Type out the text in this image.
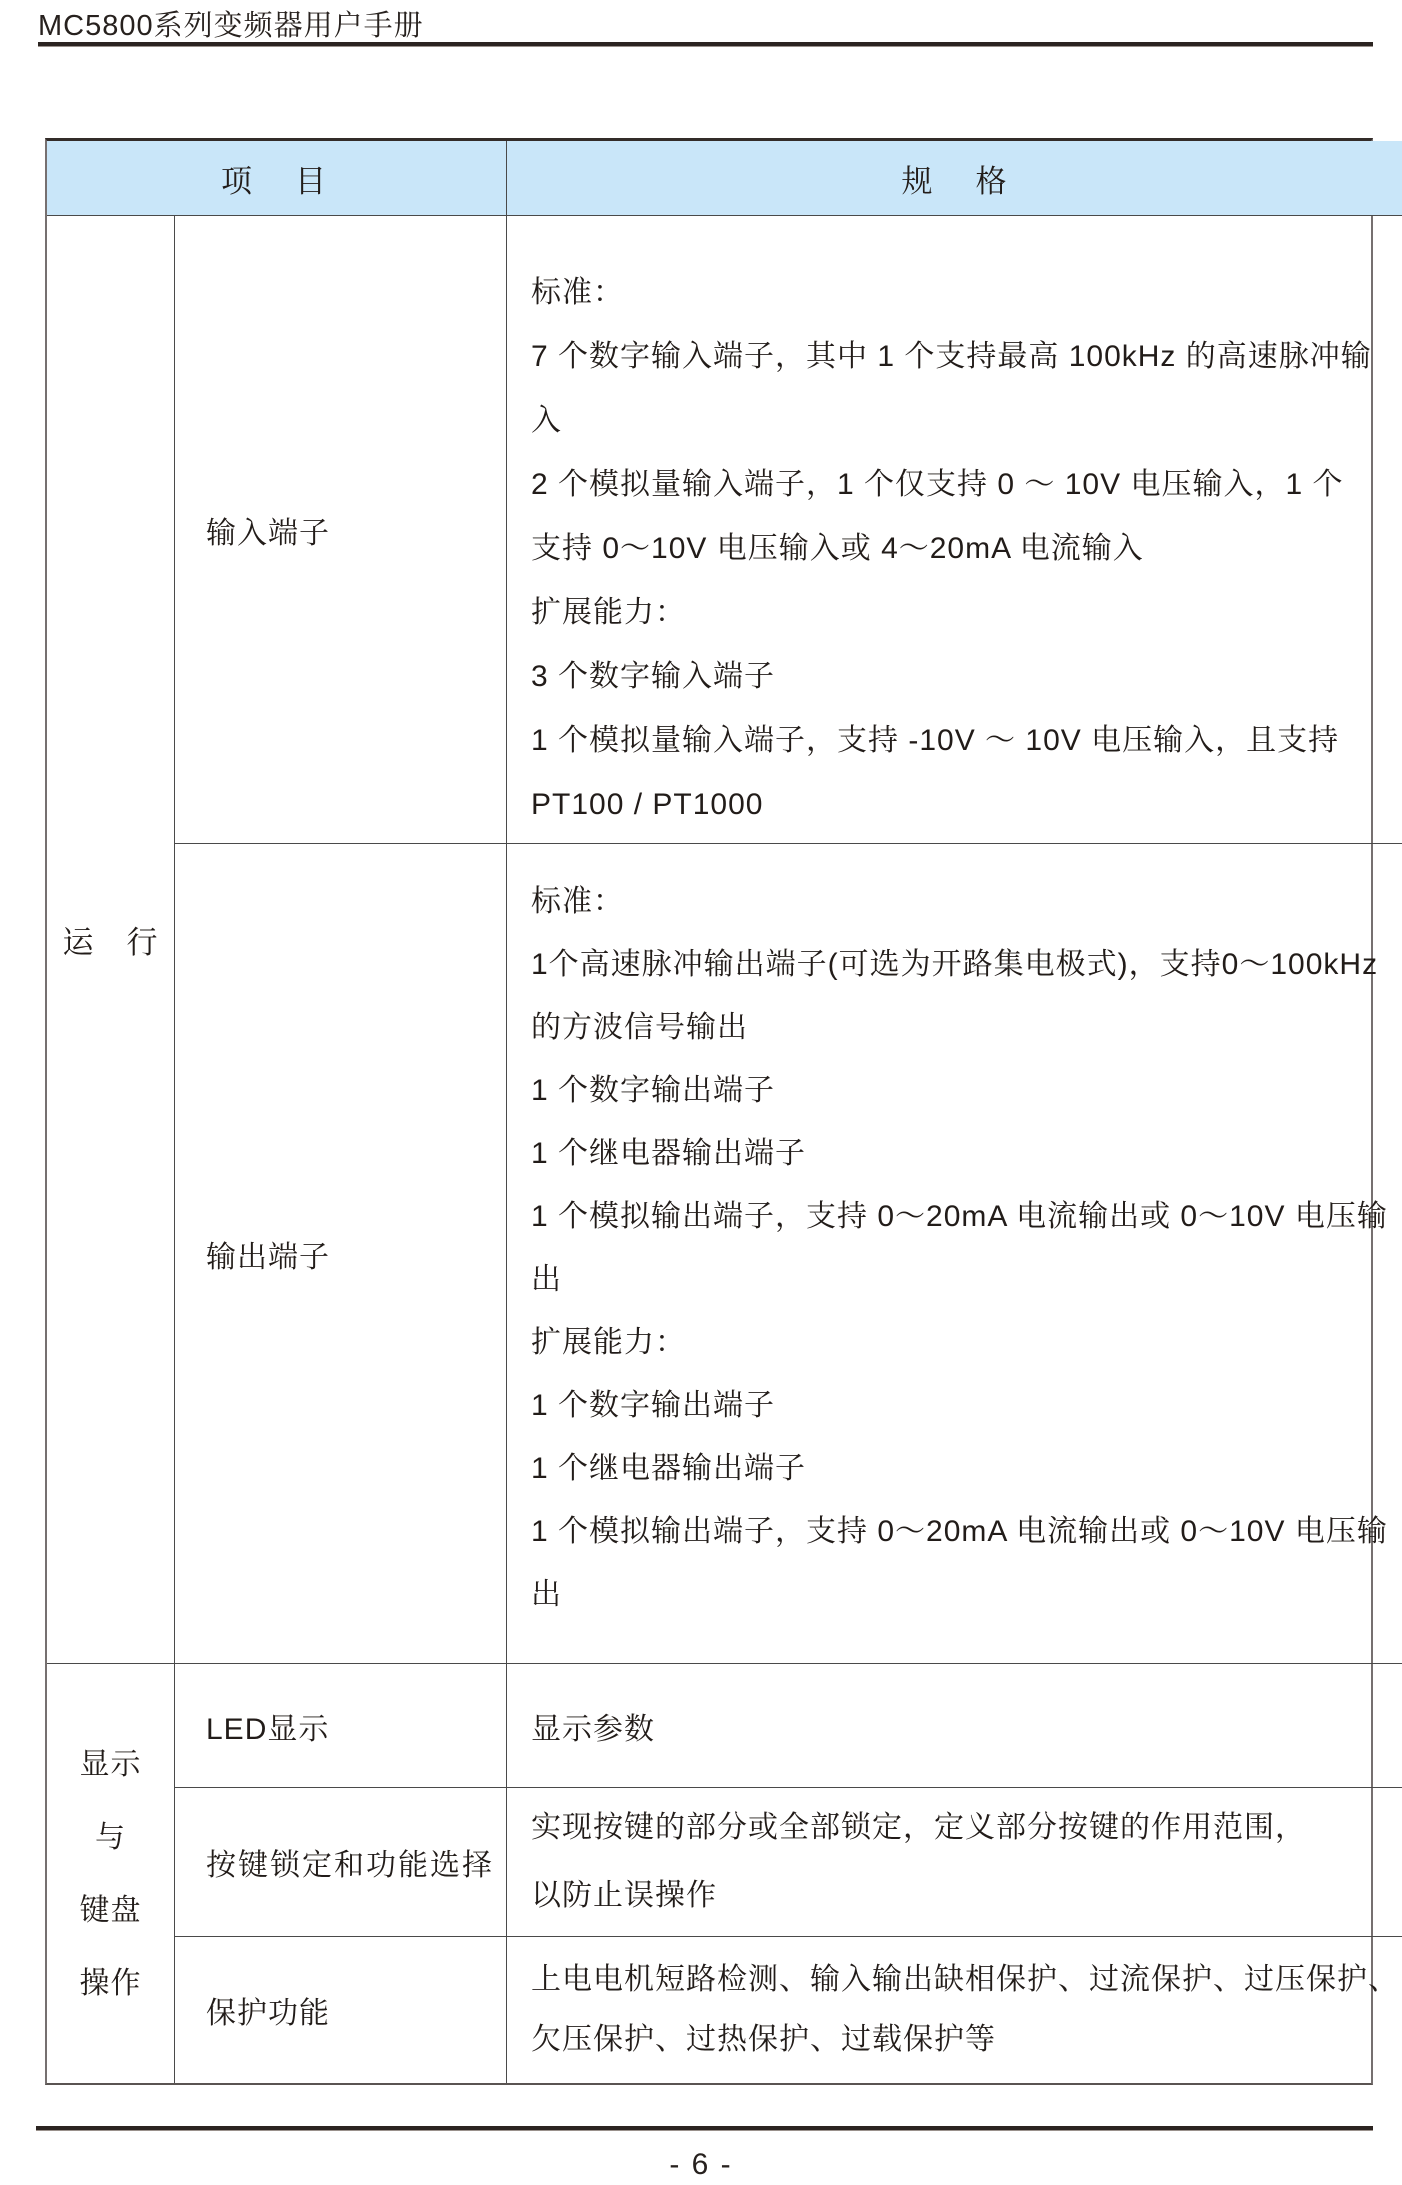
MC5800系列变频器用户手册
项　目	规　格
运　行
输入端子
标准：
7 个数字输入端子，其中 1 个支持最高 100kHz 的高速脉冲输
入
2 个模拟量输入端子，1 个仅支持 0 ～ 10V 电压输入，1 个
支持 0～10V 电压输入或 4～20mA 电流输入
扩展能力：
3 个数字输入端子
1 个模拟量输入端子，支持 -10V ～ 10V 电压输入，且支持
PT100 / PT1000
输出端子
标准：
1个高速脉冲输出端子(可选为开路集电极式)，支持0～100kHz
的方波信号输出
1 个数字输出端子
1 个继电器输出端子
1 个模拟输出端子，支持 0～20mA 电流输出或 0～10V 电压输
出
扩展能力：
1 个数字输出端子
1 个继电器输出端子
1 个模拟输出端子，支持 0～20mA 电流输出或 0～10V 电压输
出
显示
与
键盘
操作
LED显示	显示参数
按键锁定和功能选择
实现按键的部分或全部锁定，定义部分按键的作用范围，
以防止误操作
保护功能
上电电机短路检测、输入输出缺相保护、过流保护、过压保护、
欠压保护、过热保护、过载保护等
- 6 -
